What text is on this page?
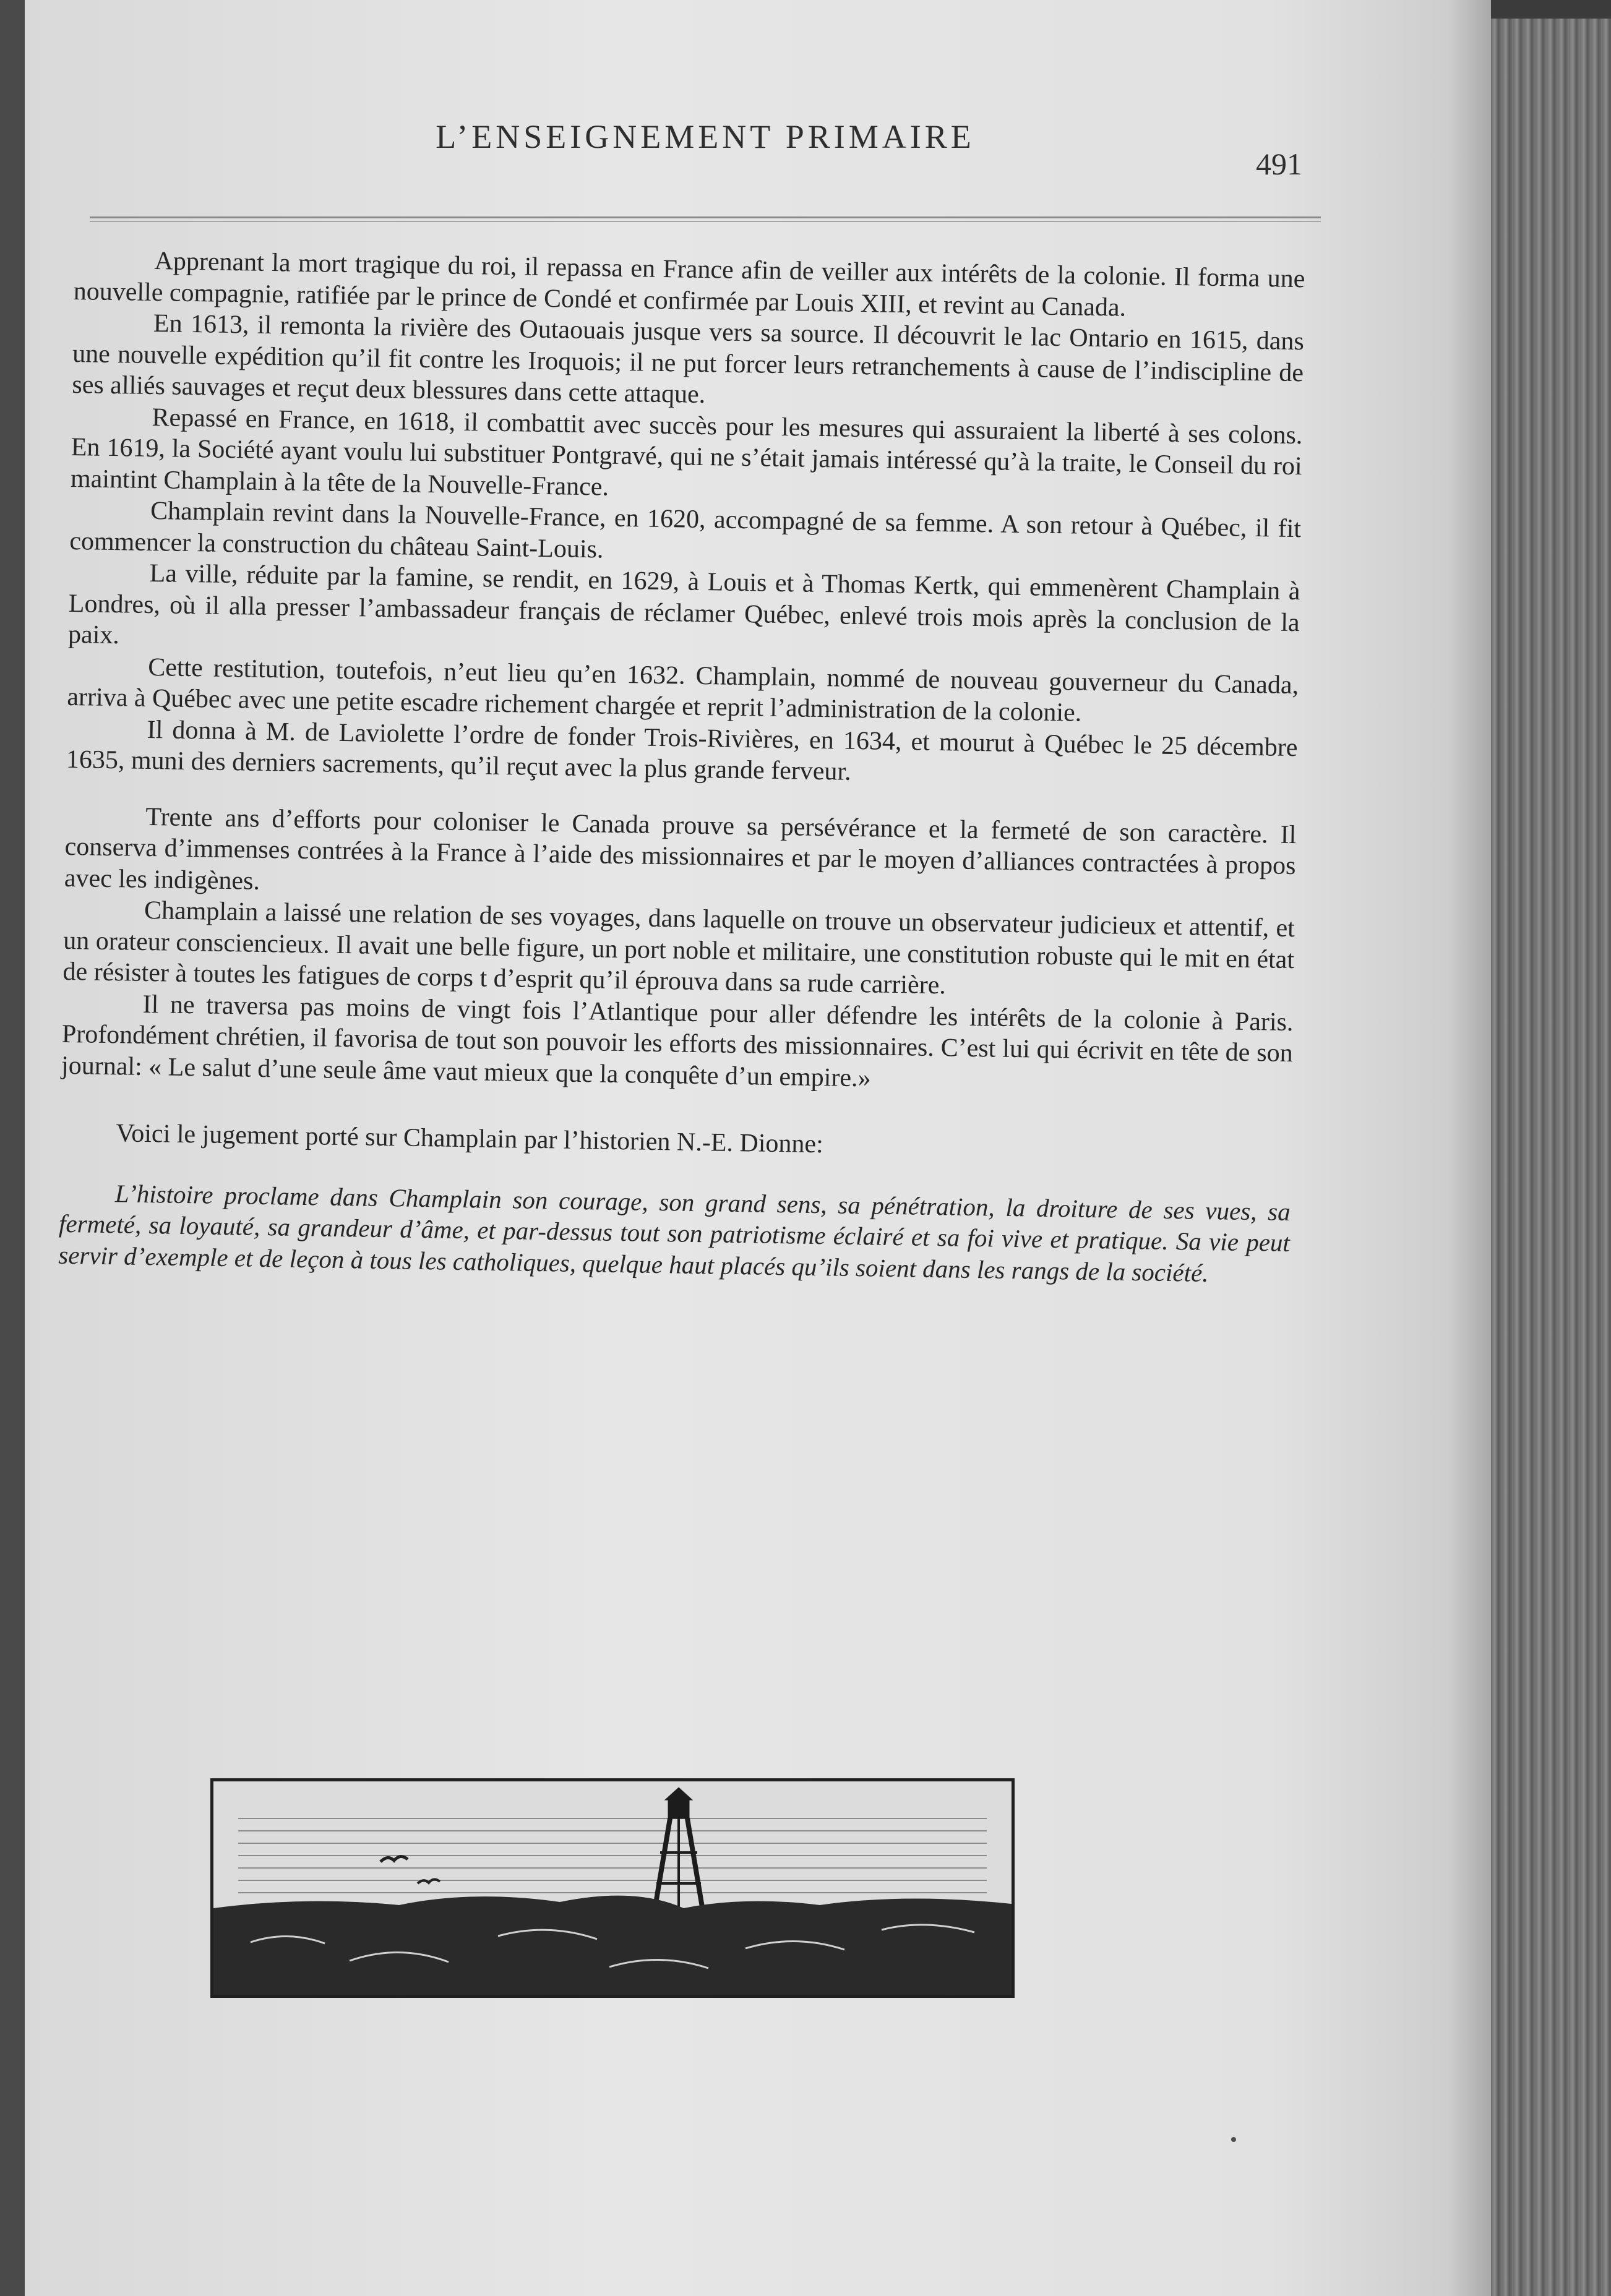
L’ENSEIGNEMENT PRIMAIRE
491

Apprenant la mort tragique du roi, il repassa en France afin de veiller aux intérêts de la colonie. Il forma une nouvelle compagnie, ratifiée par le prince de Condé et confirmée par Louis XIII, et revint au Canada.

En 1613, il remonta la rivière des Outaouais jusque vers sa source. Il découvrit le lac Ontario en 1615, dans une nouvelle expédition qu’il fit contre les Iroquois; il ne put forcer leurs retranchements à cause de l’indiscipline de ses alliés sauvages et reçut deux blessures dans cette attaque.

Repassé en France, en 1618, il combattit avec succès pour les mesures qui assuraient la liberté à ses colons. En 1619, la Société ayant voulu lui substituer Pontgravé, qui ne s’était jamais intéressé qu’à la traite, le Conseil du roi maintint Champlain à la tête de la Nouvelle-France.

Champlain revint dans la Nouvelle-France, en 1620, accompagné de sa femme. A son retour à Québec, il fit commencer la construction du château Saint-Louis.

La ville, réduite par la famine, se rendit, en 1629, à Louis et à Thomas Kertk, qui emmenèrent Champlain à Londres, où il alla presser l’ambassadeur français de réclamer Québec, enlevé trois mois après la conclusion de la paix.

Cette restitution, toutefois, n’eut lieu qu’en 1632. Champlain, nommé de nouveau gouverneur du Canada, arriva à Québec avec une petite escadre richement chargée et reprit l’administration de la colonie.

Il donna à M. de Laviolette l’ordre de fonder Trois-Rivières, en 1634, et mourut à Québec le 25 décembre 1635, muni des derniers sacrements, qu’il reçut avec la plus grande ferveur.

Trente ans d’efforts pour coloniser le Canada prouve sa persévérance et la fermeté de son caractère. Il conserva d’immenses contrées à la France à l’aide des missionnaires et par le moyen d’alliances contractées à propos avec les indigènes.

Champlain a laissé une relation de ses voyages, dans laquelle on trouve un observateur judicieux et attentif, et un orateur consciencieux. Il avait une belle figure, un port noble et militaire, une constitution robuste qui le mit en état de résister à toutes les fatigues de corps t d’esprit qu’il éprouva dans sa rude carrière.

Il ne traversa pas moins de vingt fois l’Atlantique pour aller défendre les intérêts de la colonie à Paris. Profondément chrétien, il favorisa de tout son pouvoir les efforts des missionnaires. C’est lui qui écrivit en tête de son journal: « Le salut d’une seule âme vaut mieux que la conquête d’un empire.»

Voici le jugement porté sur Champlain par l’historien N.-E. Dionne:

L’histoire proclame dans Champlain son courage, son grand sens, sa pénétration, la droiture de ses vues, sa fermeté, sa loyauté, sa grandeur d’âme, et par-dessus tout son patriotisme éclairé et sa foi vive et pratique. Sa vie peut servir d’exemple et de leçon à tous les catholiques, quelque haut placés qu’ils soient dans les rangs de la société.
